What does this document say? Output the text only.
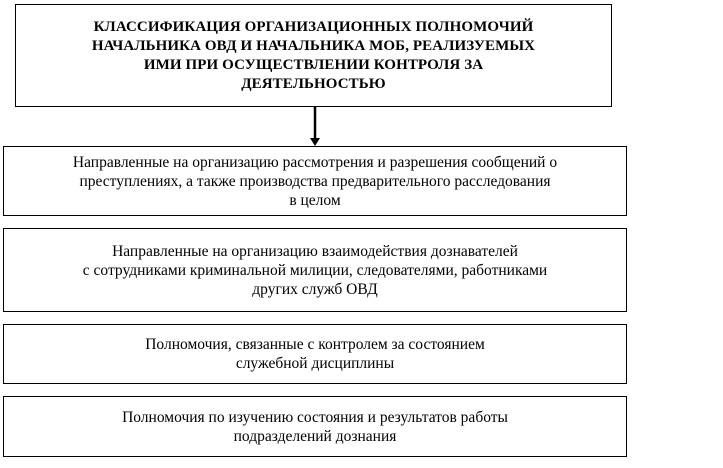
КЛАССИФИКАЦИЯ ОРГАНИЗАЦИОННЫХ ПОЛНОМОЧИЙ
НАЧАЛЬНИКА ОВД И НАЧАЛЬНИКА МОБ, РЕАЛИЗУЕМЫХ
ИМИ ПРИ ОСУЩЕСТВЛЕНИИ КОНТРОЛЯ ЗА
ДЕЯТЕЛЬНОСТЬЮ
Направленные на организацию рассмотрения и разрешения сообщений о
преступлениях, а также производства предварительного расследования
в целом
Направленные на организацию взаимодействия дознавателей
с сотрудниками криминальной милиции, следователями, работниками
других служб ОВД
Полномочия, связанные с контролем за состоянием
служебной дисциплины
Полномочия по изучению состояния и результатов работы
подразделений дознания
